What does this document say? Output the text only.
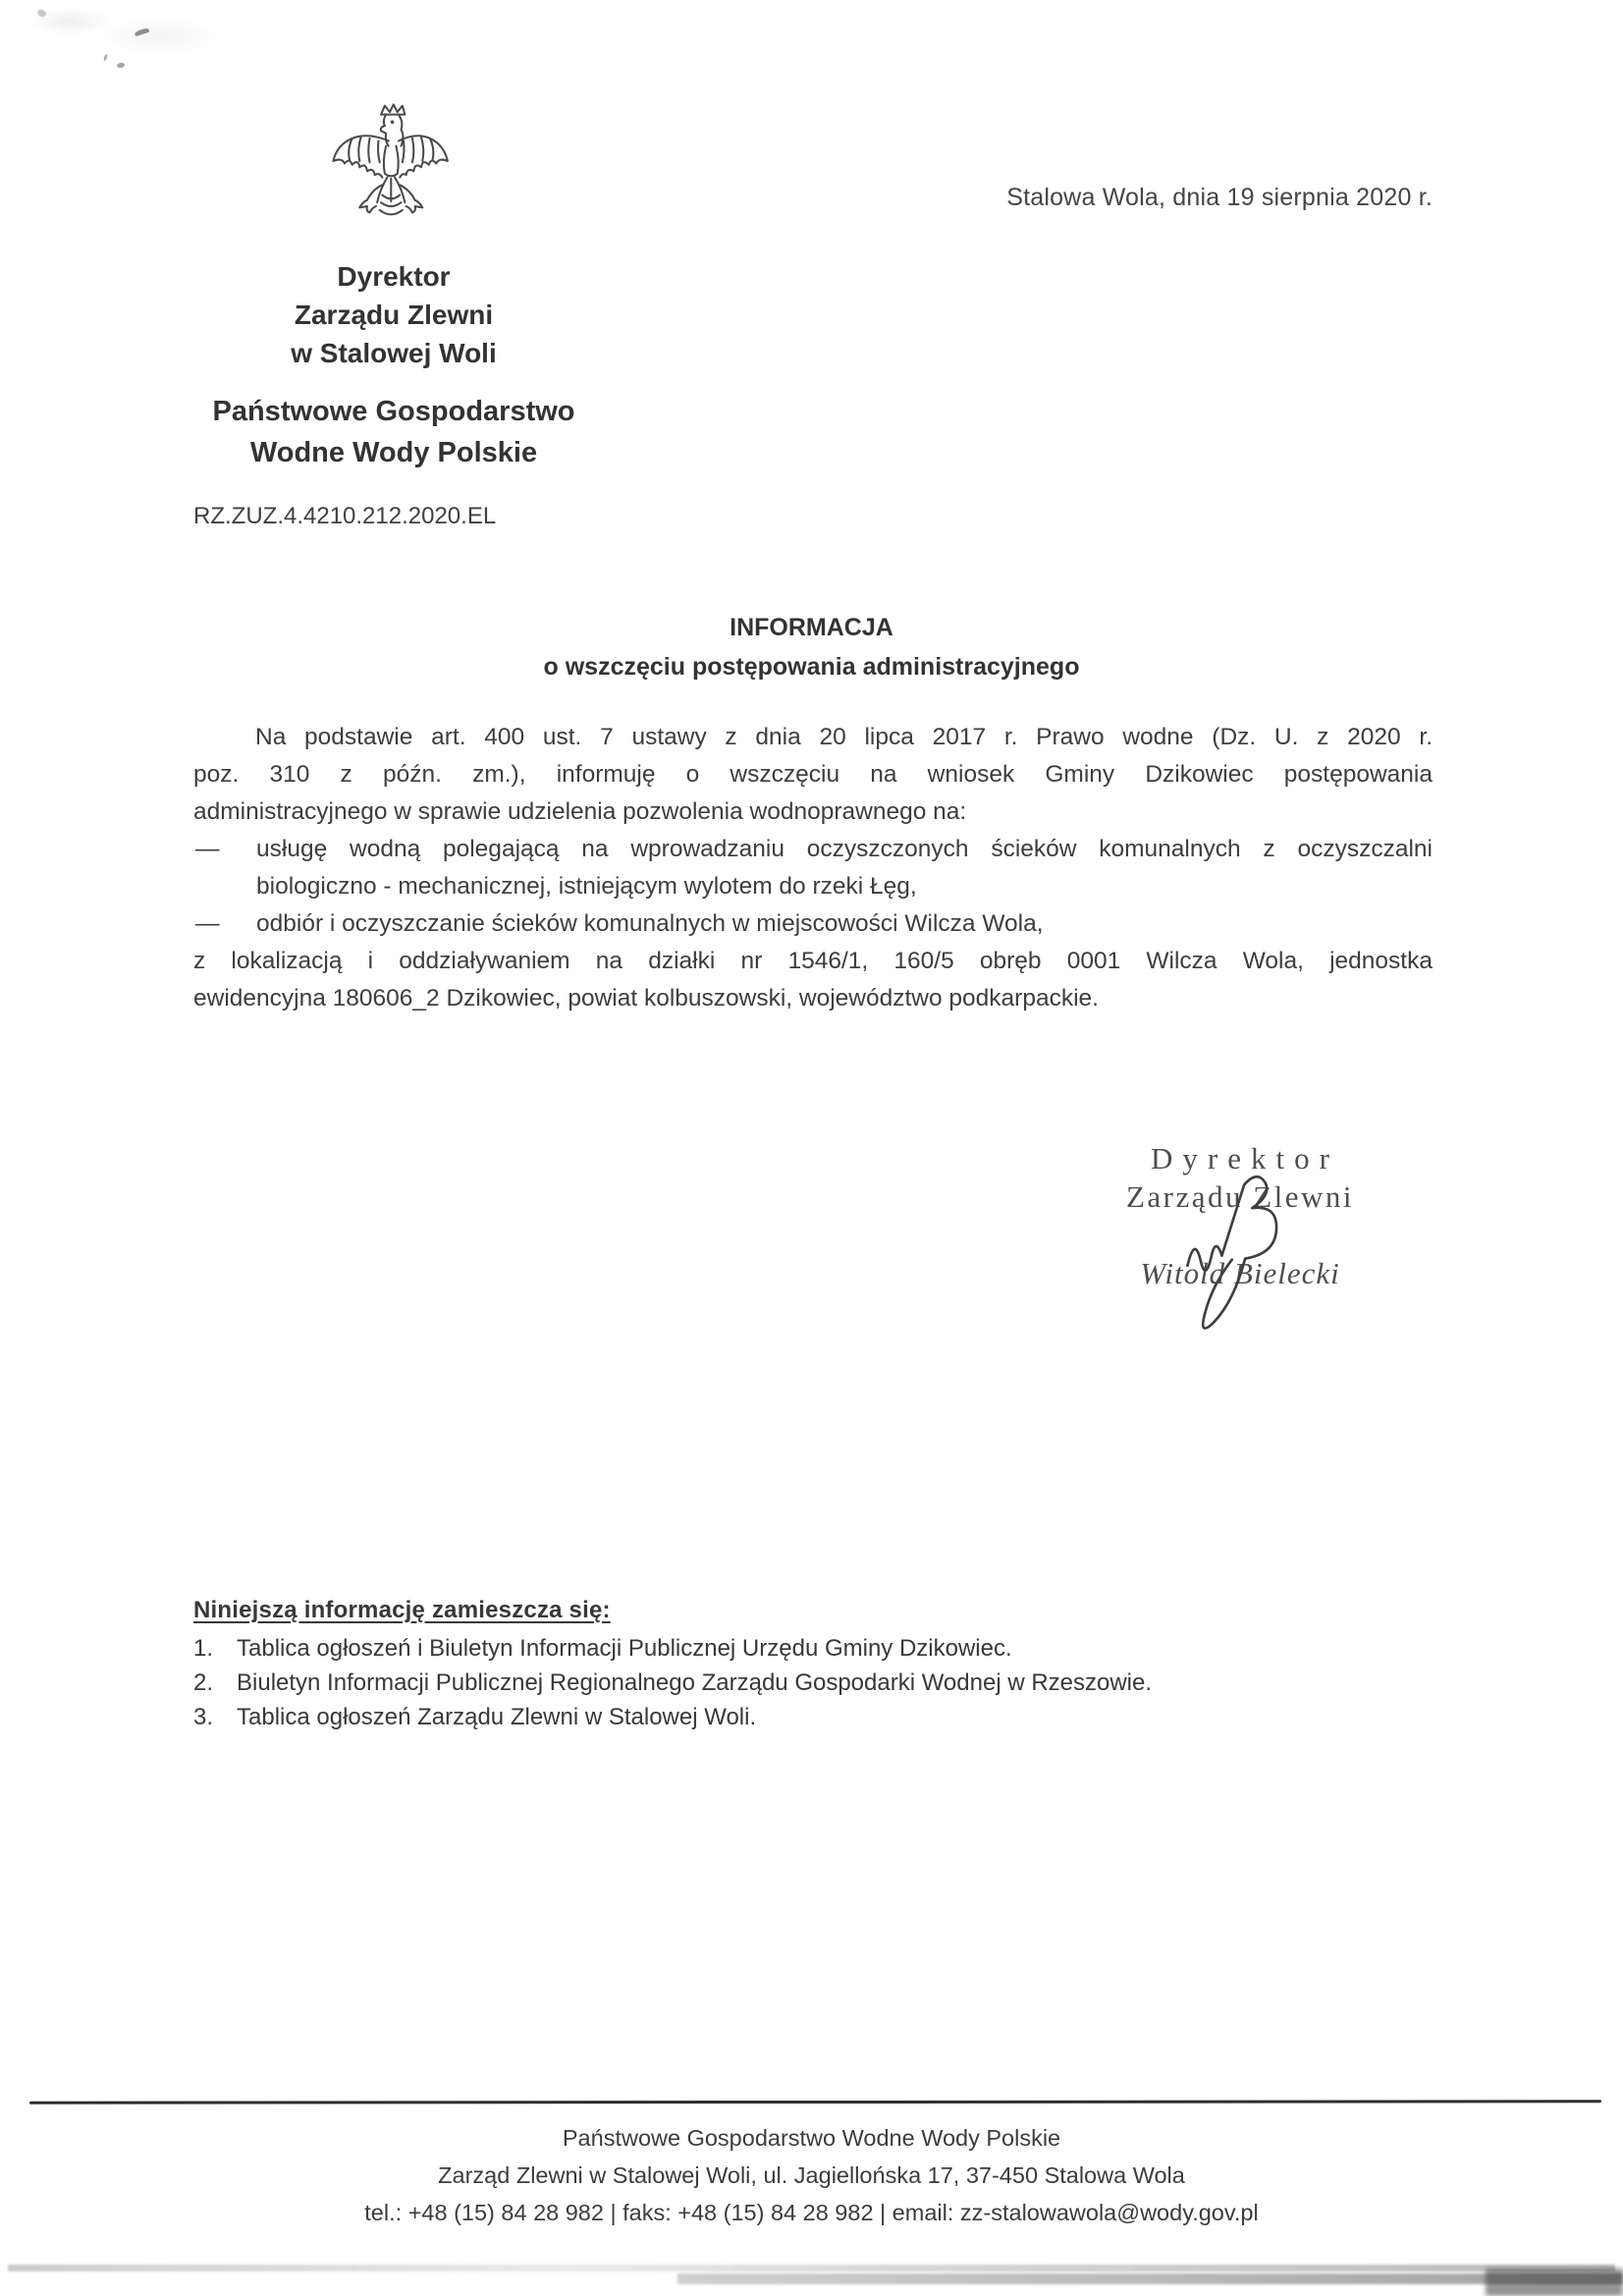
Stalowa Wola, dnia 19 sierpnia 2020 r.
Dyrektor
Zarządu Zlewni
w Stalowej Woli
Państwowe Gospodarstwo
Wodne Wody Polskie
RZ.ZUZ.4.4210.212.2020.EL
INFORMACJA
o wszczęciu postępowania administracyjnego
Na podstawie art. 400 ust. 7 ustawy z dnia 20 lipca 2017 r. Prawo wodne (Dz. U. z 2020 r.
poz. 310 z późn. zm.), informuję o wszczęciu na wniosek Gminy Dzikowiec postępowania
administracyjnego w sprawie udzielenia pozwolenia wodnoprawnego na:
— usługę wodną polegającą na wprowadzaniu oczyszczonych ścieków komunalnych z oczyszczalni
biologiczno - mechanicznej, istniejącym wylotem do rzeki Łęg,
— odbiór i oczyszczanie ścieków komunalnych w miejscowości Wilcza Wola,
z lokalizacją i oddziaływaniem na działki nr 1546/1, 160/5 obręb 0001 Wilcza Wola, jednostka
ewidencyjna 180606_2 Dzikowiec, powiat kolbuszowski, województwo podkarpackie.
Dyrektor
Zarządu Zlewni
Witold Bielecki
Niniejszą informację zamieszcza się:
1. Tablica ogłoszeń i Biuletyn Informacji Publicznej Urzędu Gminy Dzikowiec.
2. Biuletyn Informacji Publicznej Regionalnego Zarządu Gospodarki Wodnej w Rzeszowie.
3. Tablica ogłoszeń Zarządu Zlewni w Stalowej Woli.
Państwowe Gospodarstwo Wodne Wody Polskie
Zarząd Zlewni w Stalowej Woli, ul. Jagiellońska 17, 37-450 Stalowa Wola
tel.: +48 (15) 84 28 982 | faks: +48 (15) 84 28 982 | email: zz-stalowawola@wody.gov.pl
